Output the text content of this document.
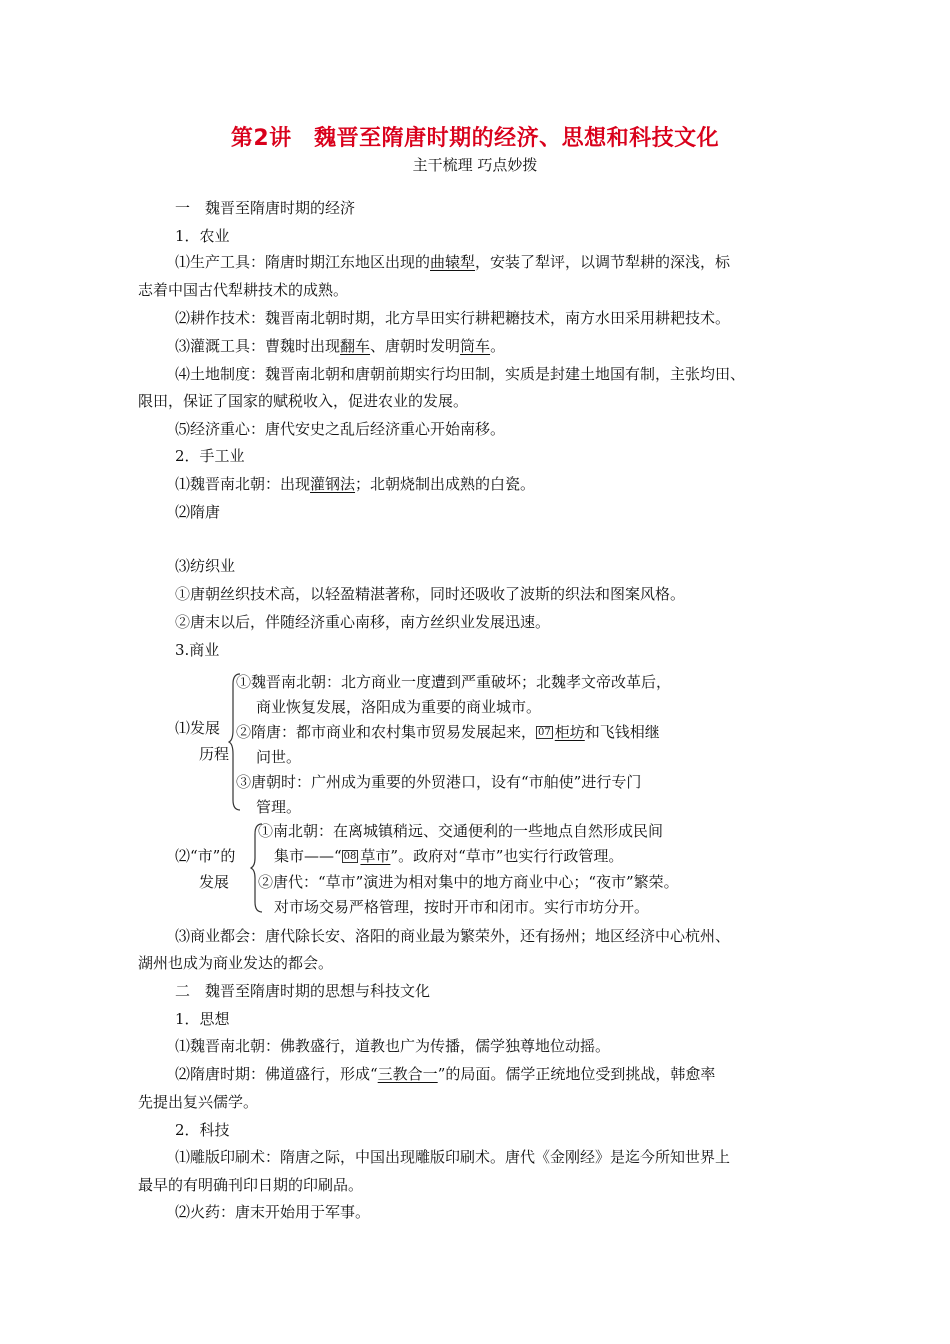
第2讲　魏晋至隋唐时期的经济、思想和科技文化
主干梳理 巧点妙拨
一　魏晋至隋唐时期的经济
1．农业
⑴生产工具：隋唐时期江东地区出现的曲辕犁，安装了犁评，以调节犁耕的深浅，标
志着中国古代犁耕技术的成熟。
⑵耕作技术：魏晋南北朝时期，北方旱田实行耕耙耱技术，南方水田采用耕耙技术。
⑶灌溉工具：曹魏时出现翻车、唐朝时发明筒车。
⑷土地制度：魏晋南北朝和唐朝前期实行均田制，实质是封建土地国有制，主张均田、
限田，保证了国家的赋税收入，促进农业的发展。
⑸经济重心：唐代安史之乱后经济重心开始南移。
2．手工业
⑴魏晋南北朝：出现灌钢法；北朝烧制出成熟的白瓷。
⑵隋唐
⑶纺织业
①唐朝丝织技术高，以轻盈精湛著称，同时还吸收了波斯的织法和图案风格。
②唐末以后，伴随经济重心南移，南方丝织业发展迅速。
3.商业
⑴发展
历程
①魏晋南北朝：北方商业一度遭到严重破坏；北魏孝文帝改革后，
商业恢复发展，洛阳成为重要的商业城市。
②隋唐：都市商业和农村集市贸易发展起来， 07 柜坊和飞钱相继
问世。
③唐朝时：广州成为重要的外贸港口，设有“市舶使”进行专门
管理。
⑵“市”的
发展
①南北朝：在离城镇稍远、交通便利的一些地点自然形成民间
集市——“ 08 草市”。政府对“草市”也实行行政管理。
②唐代：“草市”演进为相对集中的地方商业中心；“夜市”繁荣。
对市场交易严格管理，按时开市和闭市。实行市坊分开。
⑶商业都会：唐代除长安、洛阳的商业最为繁荣外，还有扬州；地区经济中心杭州、
湖州也成为商业发达的都会。
二　魏晋至隋唐时期的思想与科技文化
1．思想
⑴魏晋南北朝：佛教盛行，道教也广为传播，儒学独尊地位动摇。
⑵隋唐时期：佛道盛行，形成“三教合一”的局面。儒学正统地位受到挑战，韩愈率
先提出复兴儒学。
2．科技
⑴雕版印刷术：隋唐之际，中国出现雕版印刷术。唐代《金刚经》是迄今所知世界上
最早的有明确刊印日期的印刷品。
⑵火药：唐末开始用于军事。
